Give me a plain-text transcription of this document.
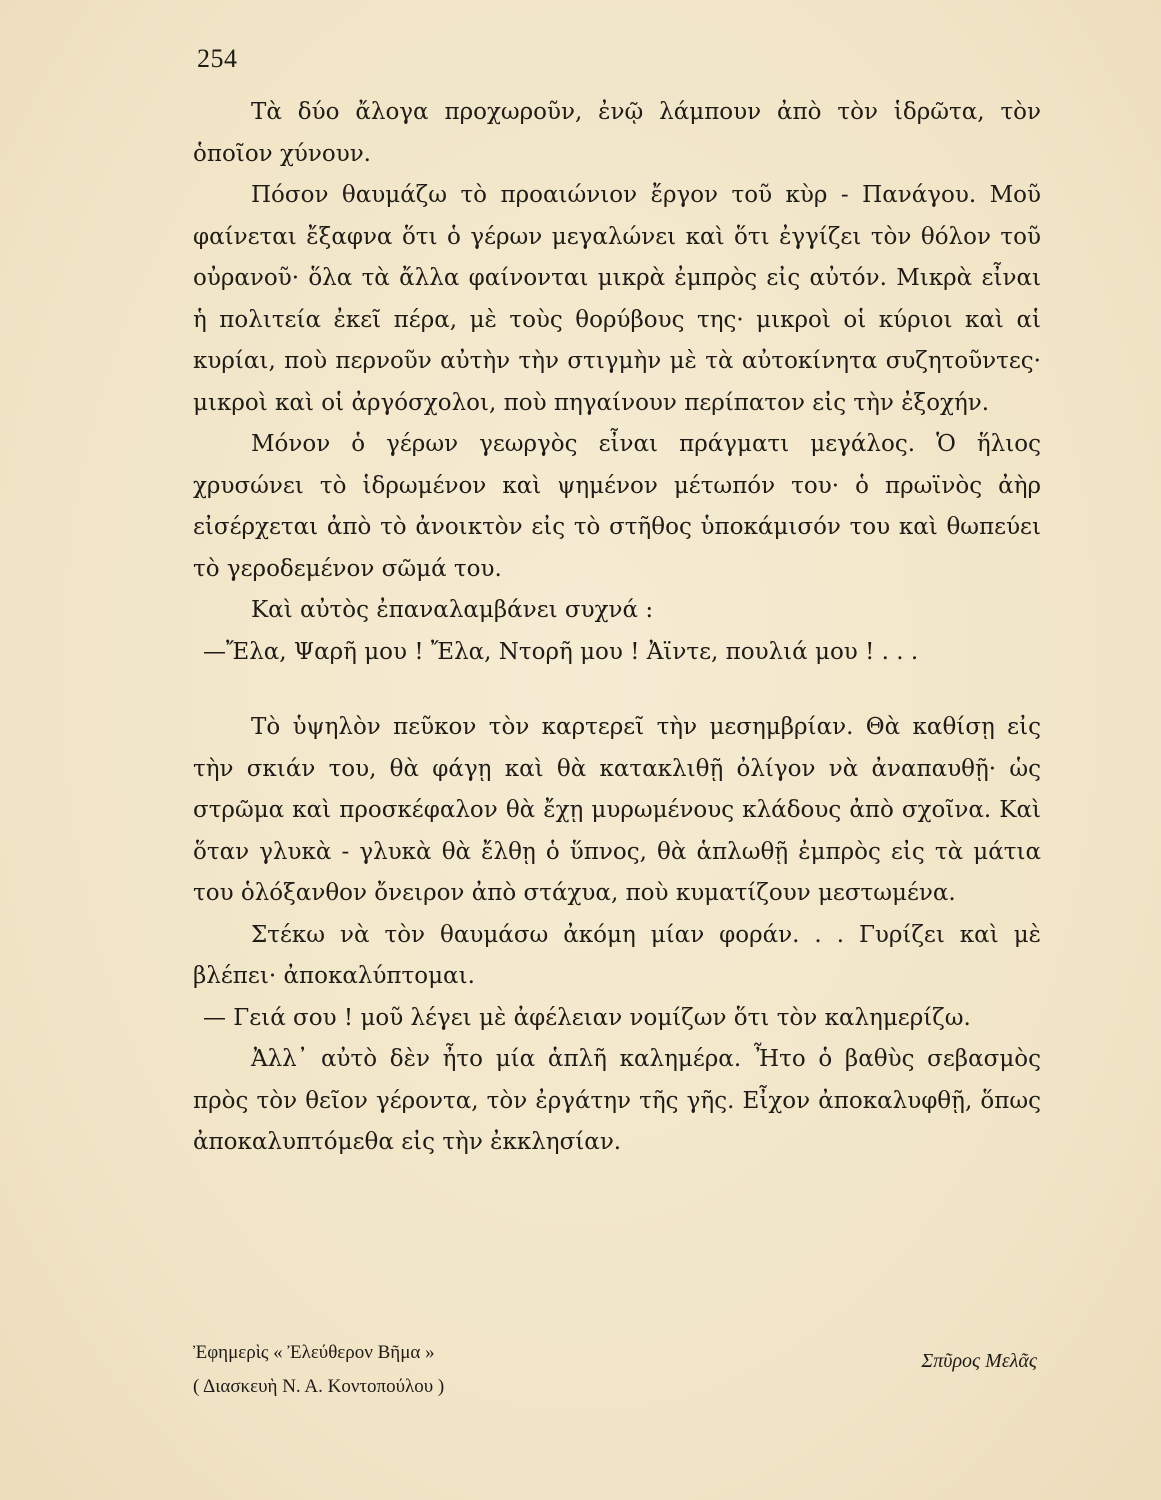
254

Τὰ δύο ἄλογα προχωροῦν, ἐνῷ λάμπουν ἀπὸ τὸν ἱδρῶτα, τὸν ὁποῖον χύνουν.

Πόσον θαυμάζω τὸ προαιώνιον ἔργον τοῦ κὺρ - Πανάγου. Μοῦ φαίνεται ἔξαφνα ὅτι ὁ γέρων μεγαλώνει καὶ ὅτι ἐγγίζει τὸν θόλον τοῦ οὐρανοῦ· ὅλα τὰ ἄλλα φαίνονται μικρὰ ἐμπρὸς εἰς αὐτόν. Μικρὰ εἶναι ἡ πολιτεία ἐκεῖ πέρα, μὲ τοὺς θορύβους της· μικροὶ οἱ κύριοι καὶ αἱ κυρίαι, ποὺ περνοῦν αὐτὴν τὴν στιγμὴν μὲ τὰ αὐτοκίνητα συζητοῦντες· μικροὶ καὶ οἱ ἀργόσχολοι, ποὺ πηγαίνουν περίπατον εἰς τὴν ἐξοχήν.

Μόνον ὁ γέρων γεωργὸς εἶναι πράγματι μεγάλος. Ὁ ἥλιος χρυσώνει τὸ ἱδρωμένον καὶ ψημένον μέτωπόν του· ὁ πρωϊνὸς ἀὴρ εἰσέρχεται ἀπὸ τὸ ἀνοικτὸν εἰς τὸ στῆθος ὑποκάμισόν του καὶ θωπεύει τὸ γεροδεμένον σῶμά του.

Καὶ αὐτὸς ἐπαναλαμβάνει συχνά :

—Ἔλα, Ψαρῆ μου ! Ἔλα, Ντορῆ μου ! Ἀϊντε, πουλιά μου ! . . .

Τὸ ὑψηλὸν πεῦκον τὸν καρτερεῖ τὴν μεσημβρίαν. Θὰ καθίσῃ εἰς τὴν σκιάν του, θὰ φάγῃ καὶ θὰ κατακλιθῇ ὀλίγον νὰ ἀναπαυθῇ· ὡς στρῶμα καὶ προσκέφαλον θὰ ἔχῃ μυρωμένους κλάδους ἀπὸ σχοῖνα. Καὶ ὅταν γλυκὰ - γλυκὰ θὰ ἔλθῃ ὁ ὕπνος, θὰ ἁπλωθῇ ἐμπρὸς εἰς τὰ μάτια του ὁλόξανθον ὄνειρον ἀπὸ στάχυα, ποὺ κυματίζουν μεστωμένα.

Στέκω νὰ τὸν θαυμάσω ἀκόμη μίαν φοράν. . . Γυρίζει καὶ μὲ βλέπει· ἀποκαλύπτομαι.

— Γειά σου ! μοῦ λέγει μὲ ἀφέλειαν νομίζων ὅτι τὸν καλημερίζω.

Ἀλλ᾽ αὐτὸ δὲν ἦτο μία ἁπλῆ καλημέρα. Ἦτο ὁ βαθὺς σεβασμὸς πρὸς τὸν θεῖον γέροντα, τὸν ἐργάτην τῆς γῆς. Εἶχον ἀποκαλυφθῇ, ὅπως ἀποκαλυπτόμεθα εἰς τὴν ἐκκλησίαν.

Ἐφημερὶς « Ἐλεύθερον Βῆμα »
( Διασκευὴ Ν. Α. Κοντοπούλου )
Σπῦρος Μελᾶς
